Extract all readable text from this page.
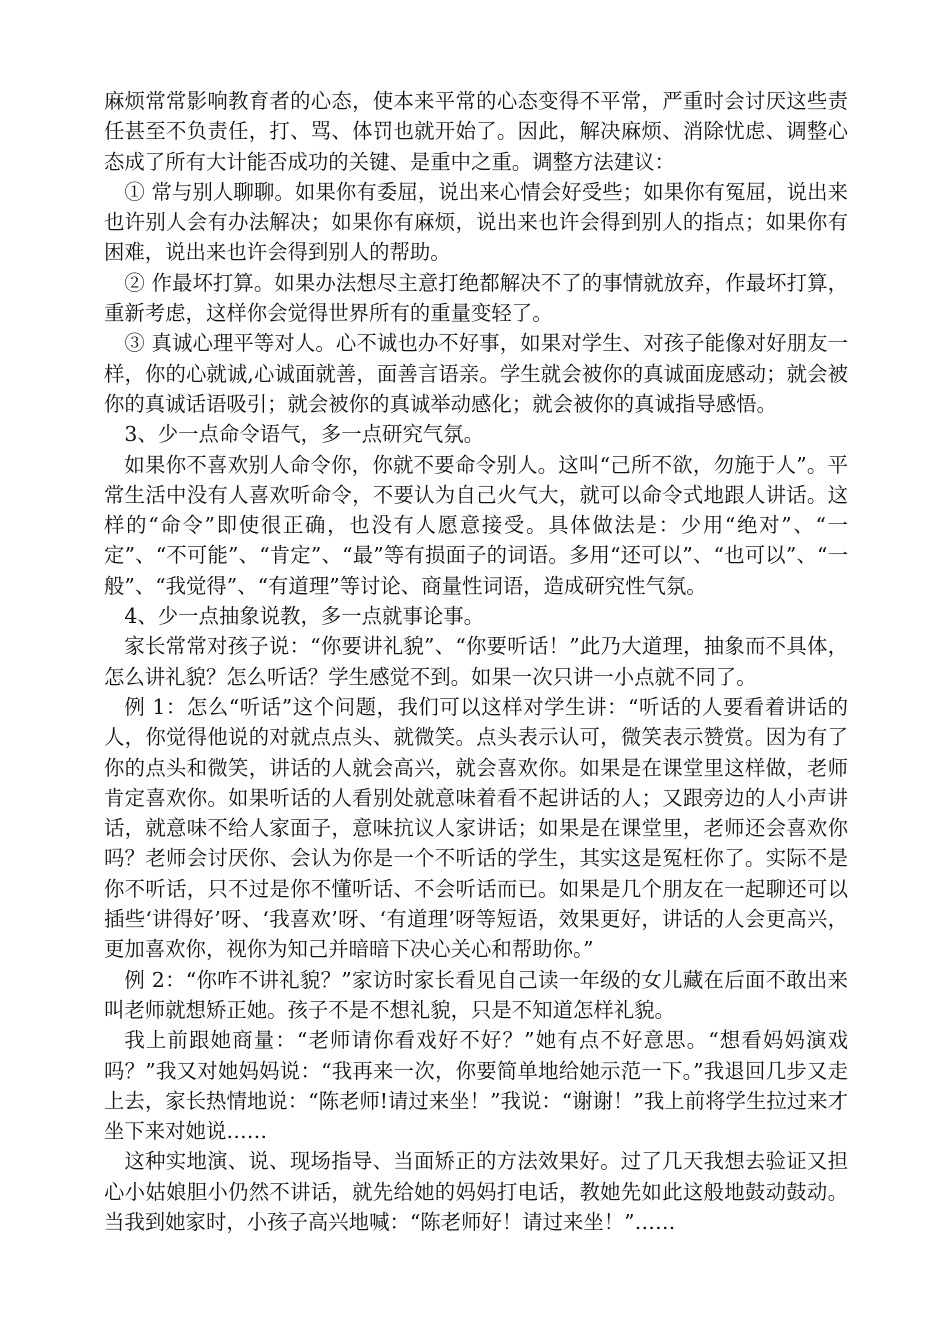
麻烦常常影响教育者的心态，使本来平常的心态变得不平常，严重时会讨厌这些责任甚至不负责任，打、骂、体罚也就开始了。因此，解决麻烦、消除忧虑、调整心态成了所有大计能否成功的关键、是重中之重。调整方法建议：

① 常与别人聊聊。如果你有委屈，说出来心情会好受些；如果你有冤屈，说出来也许别人会有办法解决；如果你有麻烦，说出来也许会得到别人的指点；如果你有困难，说出来也许会得到别人的帮助。

② 作最坏打算。如果办法想尽主意打绝都解决不了的事情就放弃，作最坏打算，重新考虑，这样你会觉得世界所有的重量变轻了。

③ 真诚心理平等对人。心不诚也办不好事，如果对学生、对孩子能像对好朋友一样，你的心就诚,心诚面就善，面善言语亲。学生就会被你的真诚面庞感动；就会被你的真诚话语吸引；就会被你的真诚举动感化；就会被你的真诚指导感悟。

3、少一点命令语气，多一点研究气氛。

如果你不喜欢别人命令你，你就不要命令别人。这叫“己所不欲，勿施于人”。平常生活中没有人喜欢听命令，不要认为自己火气大，就可以命令式地跟人讲话。这样的“命令”即使很正确，也没有人愿意接受。具体做法是：少用“绝对”、“一定”、“不可能”、“肯定”、“最”等有损面子的词语。多用“还可以”、“也可以”、“一般”、“我觉得”、“有道理”等讨论、商量性词语，造成研究性气氛。

4、少一点抽象说教，多一点就事论事。

家长常常对孩子说：“你要讲礼貌”、“你要听话！”此乃大道理，抽象而不具体，怎么讲礼貌？怎么听话？学生感觉不到。如果一次只讲一小点就不同了。

例 1：怎么“听话”这个问题，我们可以这样对学生讲：“听话的人要看着讲话的人，你觉得他说的对就点点头、就微笑。点头表示认可，微笑表示赞赏。因为有了你的点头和微笑，讲话的人就会高兴，就会喜欢你。如果是在课堂里这样做，老师肯定喜欢你。如果听话的人看别处就意味着看不起讲话的人；又跟旁边的人小声讲话，就意味不给人家面子，意味抗议人家讲话；如果是在课堂里，老师还会喜欢你吗？老师会讨厌你、会认为你是一个不听话的学生，其实这是冤枉你了。实际不是你不听话，只不过是你不懂听话、不会听话而已。如果是几个朋友在一起聊还可以插些‘讲得好’呀、‘我喜欢’呀、‘有道理’呀等短语，效果更好，讲话的人会更高兴，更加喜欢你，视你为知己并暗暗下决心关心和帮助你。”

例 2：“你咋不讲礼貌？”家访时家长看见自己读一年级的女儿藏在后面不敢出来叫老师就想矫正她。孩子不是不想礼貌，只是不知道怎样礼貌。

我上前跟她商量：“老师请你看戏好不好？”她有点不好意思。“想看妈妈演戏吗？”我又对她妈妈说：“我再来一次，你要简单地给她示范一下。”我退回几步又走上去，家长热情地说：“陈老师!请过来坐！”我说：“谢谢！”我上前将学生拉过来才坐下来对她说……

这种实地演、说、现场指导、当面矫正的方法效果好。过了几天我想去验证又担心小姑娘胆小仍然不讲话，就先给她的妈妈打电话，教她先如此这般地鼓动鼓动。当我到她家时，小孩子高兴地喊：“陈老师好！请过来坐！”……
